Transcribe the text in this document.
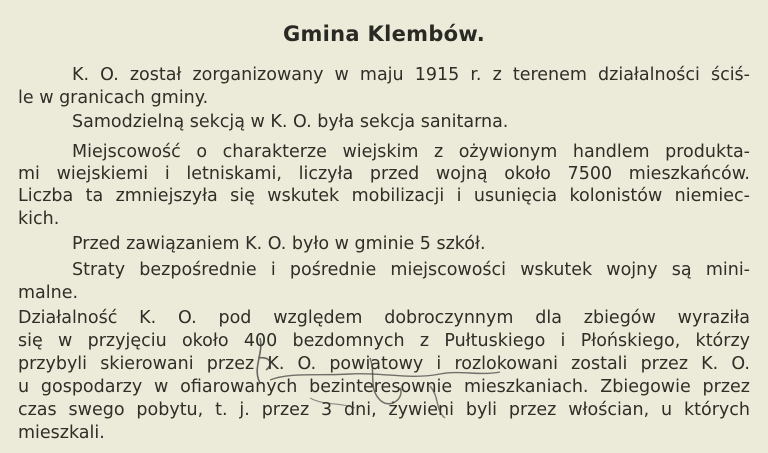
Gmina Klembów.
K. O. został zorganizowany w maju 1915 r. z terenem działalności ściś-
le w granicach gminy.
Samodzielną sekcją w K. O. była sekcja sanitarna.
Miejscowość o charakterze wiejskim z ożywionym handlem produkta-
mi wiejskiemi i letniskami, liczyła przed wojną około 7500 mieszkańców.
Liczba ta zmniejszyła się wskutek mobilizacji i usunięcia kolonistów niemiec-
kich.
Przed zawiązaniem K. O. było w gminie 5 szkół.
Straty bezpośrednie i pośrednie miejscowości wskutek wojny są mini-
malne.
Działalność K. O. pod względem dobroczynnym dla zbiegów wyraziła
się w przyjęciu około 400 bezdomnych z Pułtuskiego i Płońskiego, którzy
przybyli skierowani przez K. O. powiatowy i rozlokowani zostali przez K. O.
u gospodarzy w ofiarowanych bezinteresownie mieszkaniach. Zbiegowie przez
czas swego pobytu, t. j. przez 3 dni, żywieni byli przez włościan, u których
mieszkali.
